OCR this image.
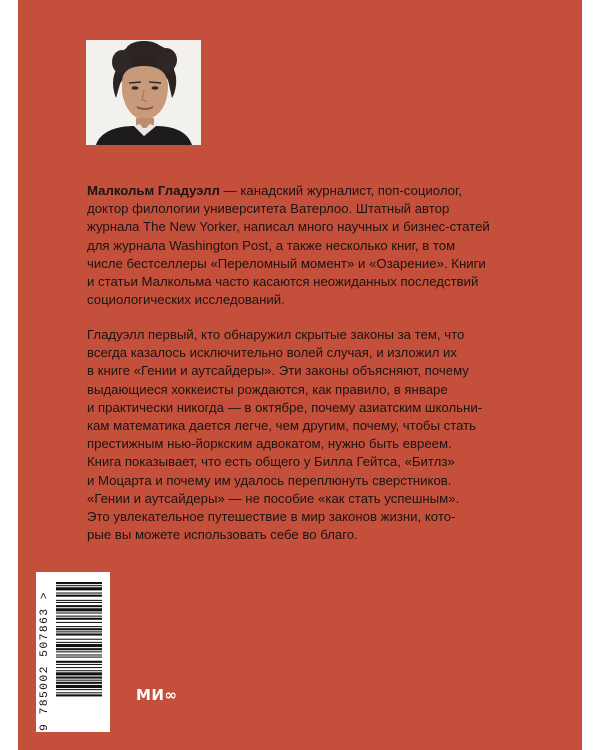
Малкольм Гладуэлл — канадский журналист, поп-социолог,
доктор филологии университета Ватерлоо. Штатный автор
журнала The New Yorker, написал много научных и бизнес-статей
для журнала Washington Post, а также несколько книг, в том
числе бестселлеры «Переломный момент» и «Озарение». Книги
и статьи Малкольма часто касаются неожиданных последствий
социологических исследований.

Гладуэлл первый, кто обнаружил скрытые законы за тем, что
всегда казалось исключительно волей случая, и изложил их
в книге «Гении и аутсайдеры». Эти законы объясняют, почему
выдающиеся хоккеисты рождаются, как правило, в январе
и практически никогда — в октябре, почему азиатским школьни-
кам математика дается легче, чем другим, почему, чтобы стать
престижным нью-йоркским адвокатом, нужно быть евреем.
Книга показывает, что есть общего у Билла Гейтса, «Битлз»
и Моцарта и почему им удалось переплюнуть сверстников.
«Гении и аутсайдеры» — не пособие «как стать успешным».
Это увлекательное путешествие в мир законов жизни, кото-
рые вы можете использовать себе во благо.

9 785002 507863 >	МИ∞
